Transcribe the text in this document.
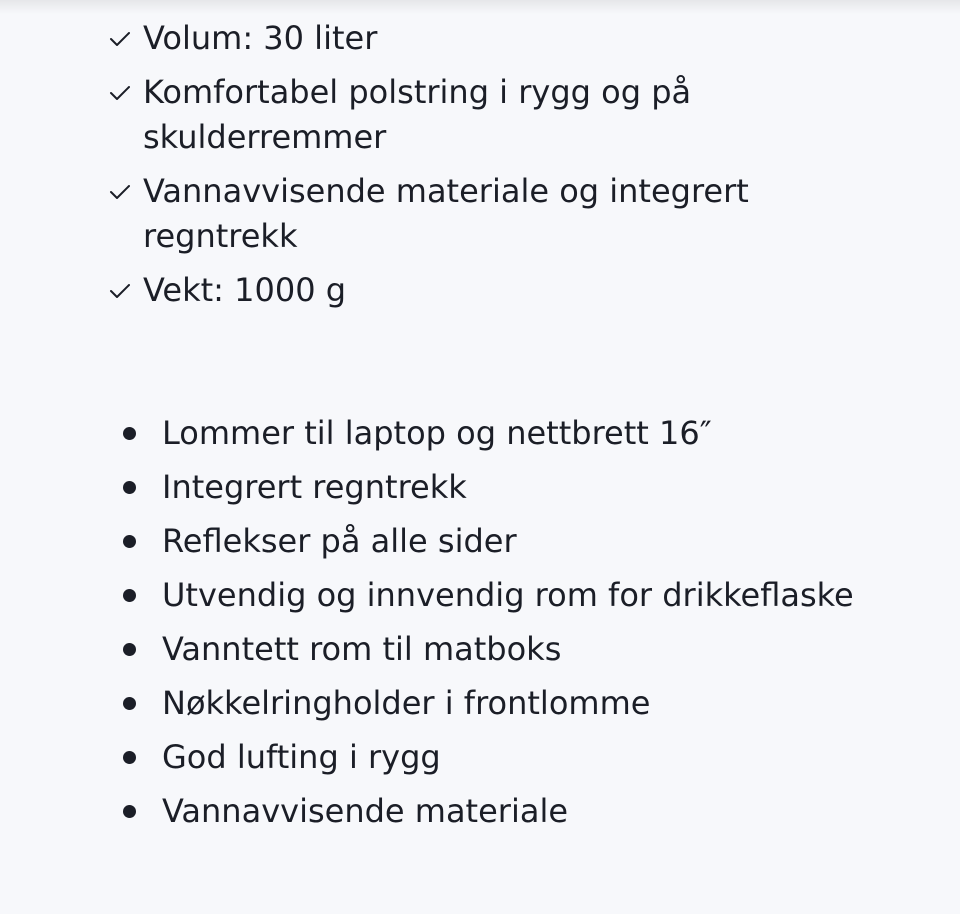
Volum: 30 liter
Komfortabel polstring i rygg og på skulderremmer
Vannavvisende materiale og integrert regntrekk
Vekt: 1000 g
Lommer til laptop og nettbrett 16″
Integrert regntrekk
Reflekser på alle sider
Utvendig og innvendig rom for drikkeflaske
Vanntett rom til matboks
Nøkkelringholder i frontlomme
God lufting i rygg
Vannavvisende materiale
